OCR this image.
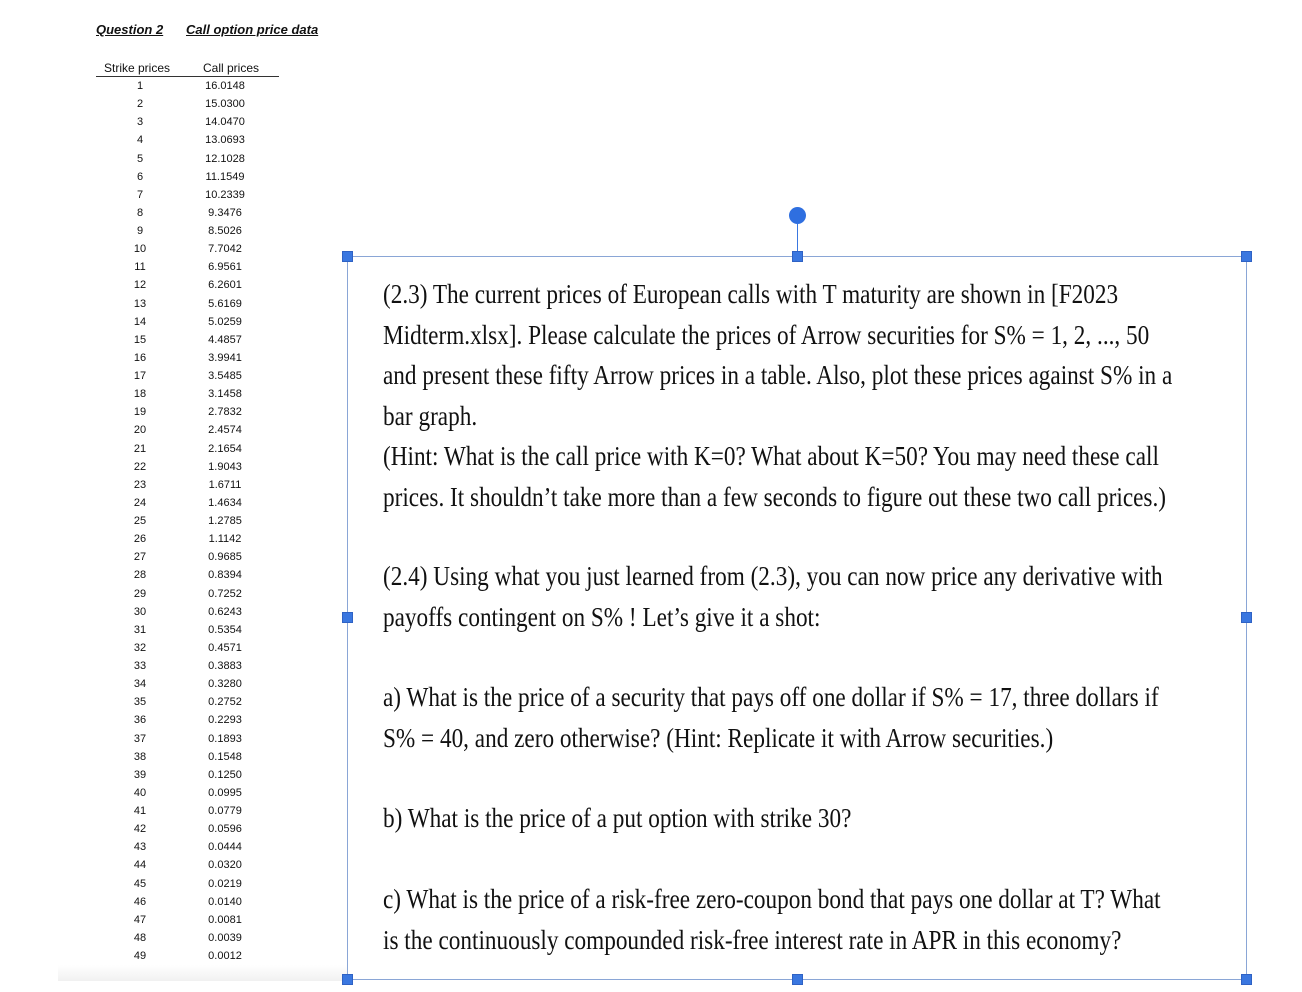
Question 2 Call option price data
Strike prices	Call prices
1	16.0148
2	15.0300
3	14.0470
4	13.0693
5	12.1028
6	11.1549
7	10.2339
8	9.3476
9	8.5026
10	7.7042
11	6.9561
12	6.2601
13	5.6169
14	5.0259
15	4.4857
16	3.9941
17	3.5485
18	3.1458
19	2.7832
20	2.4574
21	2.1654
22	1.9043
23	1.6711
24	1.4634
25	1.2785
26	1.1142
27	0.9685
28	0.8394
29	0.7252
30	0.6243
31	0.5354
32	0.4571
33	0.3883
34	0.3280
35	0.2752
36	0.2293
37	0.1893
38	0.1548
39	0.1250
40	0.0995
41	0.0779
42	0.0596
43	0.0444
44	0.0320
45	0.0219
46	0.0140
47	0.0081
48	0.0039
49	0.0012
(2.3) The current prices of European calls with T maturity are shown in [F2023
Midterm.xlsx]. Please calculate the prices of Arrow securities for S% = 1, 2, ..., 50
and present these fifty Arrow prices in a table. Also, plot these prices against S% in a
bar graph.
(Hint: What is the call price with K=0? What about K=50? You may need these call
prices. It shouldn’t take more than a few seconds to figure out these two call prices.)
(2.4) Using what you just learned from (2.3), you can now price any derivative with
payoffs contingent on S% ! Let’s give it a shot:
a) What is the price of a security that pays off one dollar if S% = 17, three dollars if
S% = 40, and zero otherwise? (Hint: Replicate it with Arrow securities.)
b) What is the price of a put option with strike 30?
c) What is the price of a risk-free zero-coupon bond that pays one dollar at T? What
is the continuously compounded risk-free interest rate in APR in this economy?
